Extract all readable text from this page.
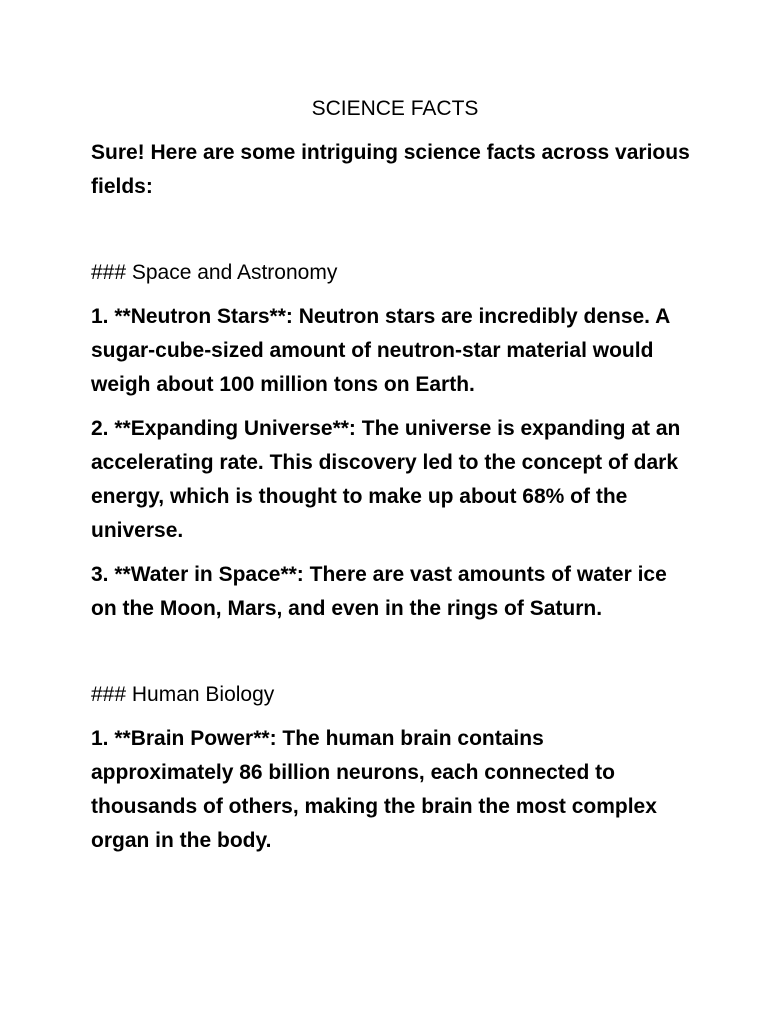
SCIENCE FACTS

Sure! Here are some intriguing science facts across various fields:

### Space and Astronomy

1. **Neutron Stars**: Neutron stars are incredibly dense. A sugar-cube-sized amount of neutron-star material would weigh about 100 million tons on Earth.

2. **Expanding Universe**: The universe is expanding at an accelerating rate. This discovery led to the concept of dark energy, which is thought to make up about 68% of the universe.

3. **Water in Space**: There are vast amounts of water ice on the Moon, Mars, and even in the rings of Saturn.

### Human Biology

1. **Brain Power**: The human brain contains approximately 86 billion neurons, each connected to thousands of others, making the brain the most complex organ in the body.
